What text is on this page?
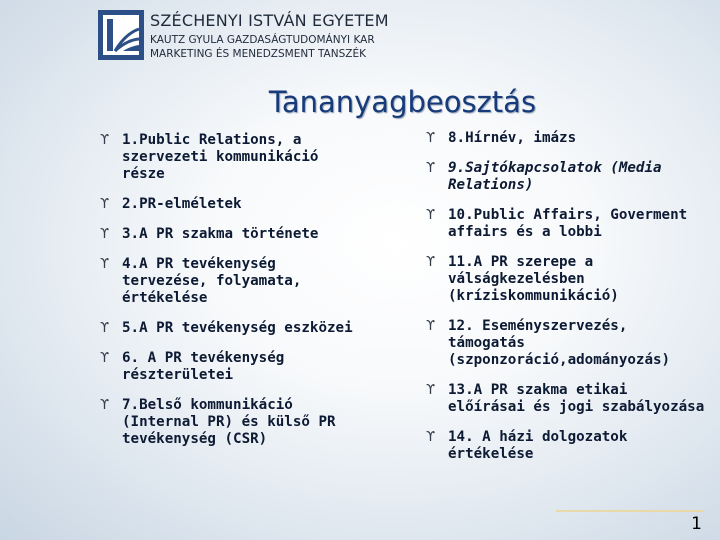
SZÉCHENYI ISTVÁN EGYETEM
KAUTZ GYULA GAZDASÁGTUDOMÁNYI KAR
MARKETING ÉS MENEDZSMENT TANSZÉK
Tananyagbeosztás
ϒ 1.Public Relations, a
szervezeti kommunikáció
része
ϒ 2.PR-elméletek
ϒ 3.A PR szakma története
ϒ 4.A PR tevékenység
tervezése, folyamata,
értékelése
ϒ 5.A PR tevékenység eszközei
ϒ 6. A PR tevékenység
részterületei
ϒ 7.Belső kommunikáció
(Internal PR) és külső PR
tevékenység (CSR)
ϒ 8.Hírnév, imázs
ϒ 9.Sajtókapcsolatok (Media
Relations)
ϒ 10.Public Affairs, Goverment
affairs és a lobbi
ϒ 11.A PR szerepe a
válságkezelésben
(kríziskommunikáció)
ϒ 12. Eseményszervezés,
támogatás
(szponzoráció,adományozás)
ϒ 13.A PR szakma etikai
előírásai és jogi szabályozása
ϒ 14. A házi dolgozatok
értékelése
1
